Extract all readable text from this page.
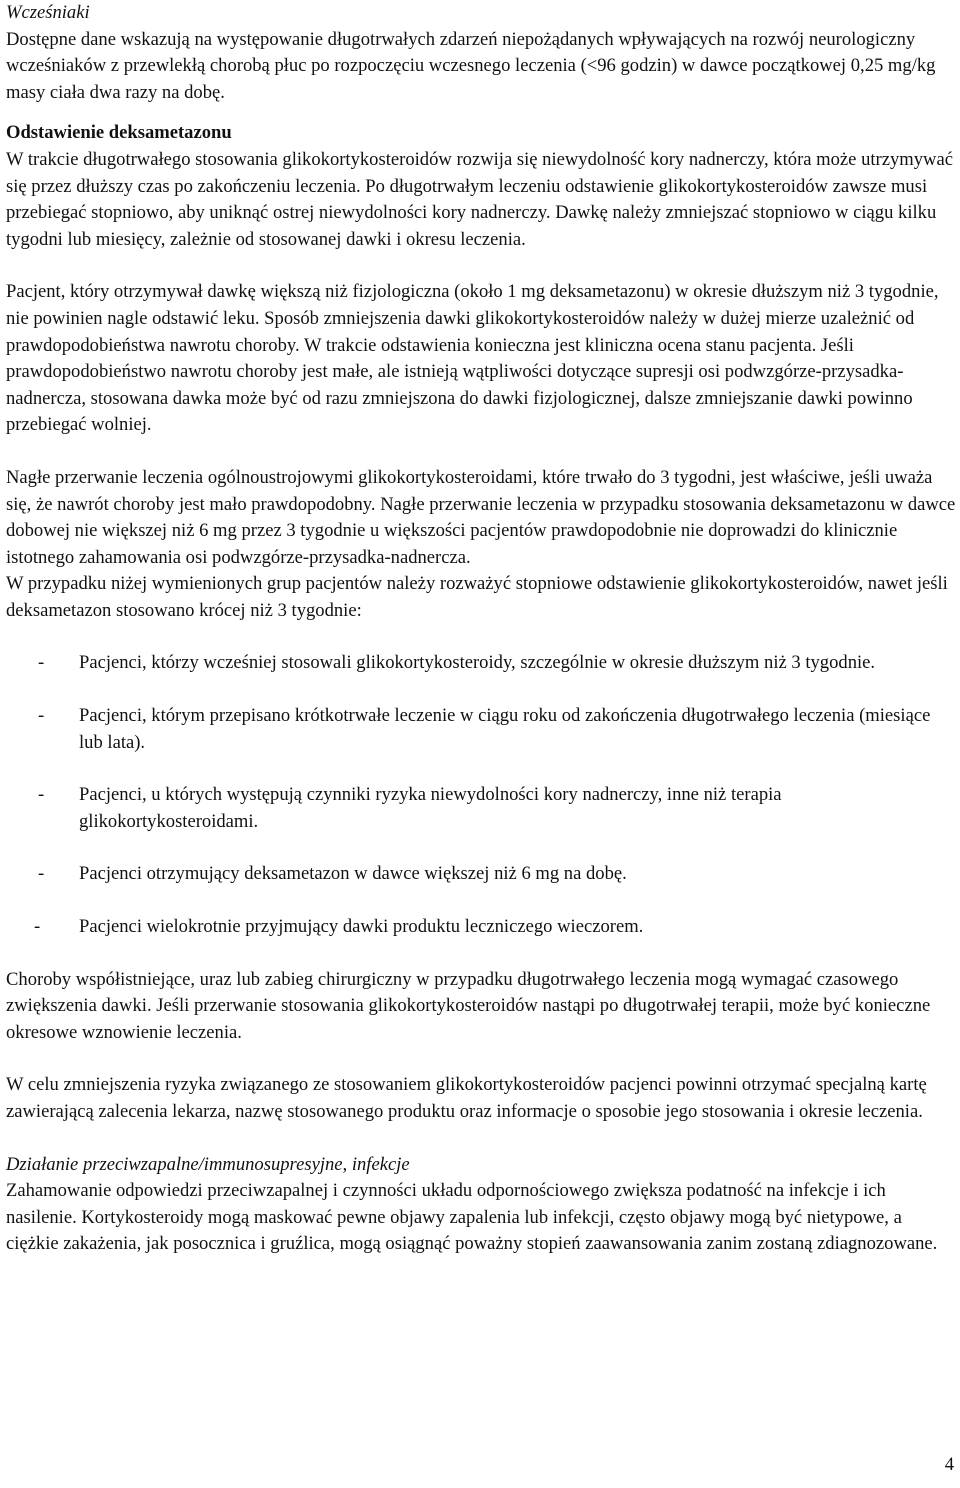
Wcześniaki

Dostępne dane wskazują na występowanie długotrwałych zdarzeń niepożądanych wpływających na rozwój neurologiczny wcześniaków z przewlekłą chorobą płuc po rozpoczęciu wczesnego leczenia (<96 godzin) w dawce początkowej 0,25 mg/kg masy ciała dwa razy na dobę.

Odstawienie deksametazonu

W trakcie długotrwałego stosowania glikokortykosteroidów rozwija się niewydolność kory nadnerczy, która może utrzymywać się przez dłuższy czas po zakończeniu leczenia. Po długotrwałym leczeniu odstawienie glikokortykosteroidów zawsze musi przebiegać stopniowo, aby uniknąć ostrej niewydolności kory nadnerczy. Dawkę należy zmniejszać stopniowo w ciągu kilku tygodni lub miesięcy, zależnie od stosowanej dawki i okresu leczenia.

Pacjent, który otrzymywał dawkę większą niż fizjologiczna (około 1 mg deksametazonu) w okresie dłuższym niż 3 tygodnie, nie powinien nagle odstawić leku. Sposób zmniejszenia dawki glikokortykosteroidów należy w dużej mierze uzależnić od prawdopodobieństwa nawrotu choroby. W trakcie odstawienia konieczna jest kliniczna ocena stanu pacjenta. Jeśli prawdopodobieństwo nawrotu choroby jest małe, ale istnieją wątpliwości dotyczące supresji osi podwzgórze-przysadka-nadnercza, stosowana dawka może być od razu zmniejszona do dawki fizjologicznej, dalsze zmniejszanie dawki powinno przebiegać wolniej.

Nagłe przerwanie leczenia ogólnoustrojowymi glikokortykosteroidami, które trwało do 3 tygodni, jest właściwe, jeśli uważa się, że nawrót choroby jest mało prawdopodobny. Nagłe przerwanie leczenia w przypadku stosowania deksametazonu w dawce dobowej nie większej niż 6 mg przez 3 tygodnie u większości pacjentów prawdopodobnie nie doprowadzi do klinicznie istotnego zahamowania osi podwzgórze-przysadka-nadnercza.

W przypadku niżej wymienionych grup pacjentów należy rozważyć stopniowe odstawienie glikokortykosteroidów, nawet jeśli deksametazon stosowano krócej niż 3 tygodnie:

- Pacjenci, którzy wcześniej stosowali glikokortykosteroidy, szczególnie w okresie dłuższym niż 3 tygodnie.
- Pacjenci, którym przepisano krótkotrwałe leczenie w ciągu roku od zakończenia długotrwałego leczenia (miesiące lub lata).
- Pacjenci, u których występują czynniki ryzyka niewydolności kory nadnerczy, inne niż terapia glikokortykosteroidami.
- Pacjenci otrzymujący deksametazon w dawce większej niż 6 mg na dobę.
- Pacjenci wielokrotnie przyjmujący dawki produktu leczniczego wieczorem.

Choroby współistniejące, uraz lub zabieg chirurgiczny w przypadku długotrwałego leczenia mogą wymagać czasowego zwiększenia dawki. Jeśli przerwanie stosowania glikokortykosteroidów nastąpi po długotrwałej terapii, może być konieczne okresowe wznowienie leczenia.

W celu zmniejszenia ryzyka związanego ze stosowaniem glikokortykosteroidów pacjenci powinni otrzymać specjalną kartę zawierającą zalecenia lekarza, nazwę stosowanego produktu oraz informacje o sposobie jego stosowania i okresie leczenia.

Działanie przeciwzapalne/immunosupresyjne, infekcje

Zahamowanie odpowiedzi przeciwzapalnej i czynności układu odpornościowego zwiększa podatność na infekcje i ich nasilenie. Kortykosteroidy mogą maskować pewne objawy zapalenia lub infekcji, często objawy mogą być nietypowe, a ciężkie zakażenia, jak posocznica i gruźlica, mogą osiągnąć poważny stopień zaawansowania zanim zostaną zdiagnozowane.

4
